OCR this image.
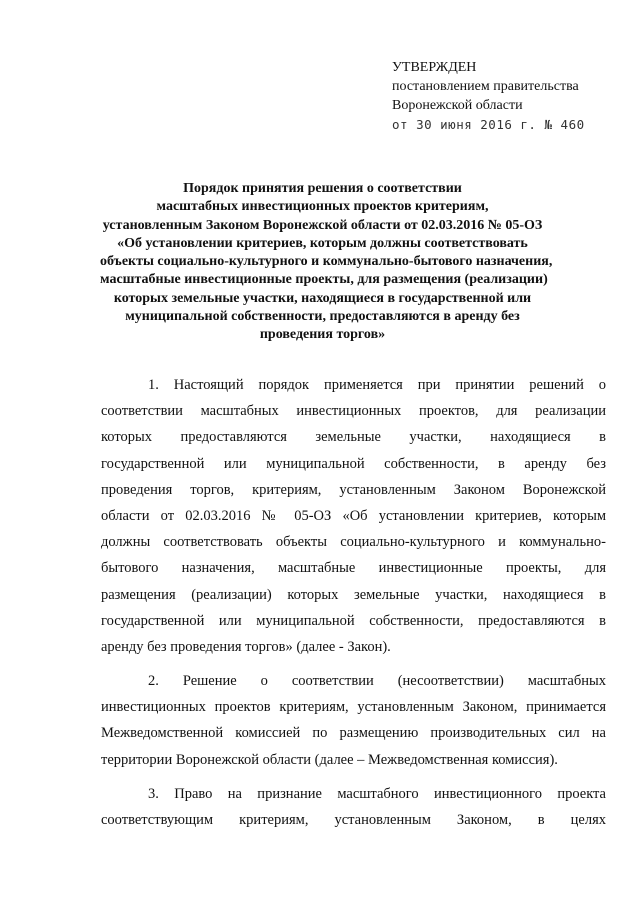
УТВЕРЖДЕН
постановлением правительства
Воронежской области
от 30 июня 2016 г. № 460
Порядок принятия решения о соответствии
масштабных инвестиционных проектов критериям,
установленным Законом Воронежской области от 02.03.2016 № 05-ОЗ
«Об установлении критериев, которым должны соответствовать
объекты социально-культурного и коммунально-бытового назначения,
масштабные инвестиционные проекты, для размещения (реализации)
которых земельные участки, находящиеся в государственной или
муниципальной собственности, предоставляются в аренду без
проведения торгов»
1. Настоящий порядок применяется при принятии решений о
соответствии масштабных инвестиционных проектов, для реализации
которых предоставляются земельные участки, находящиеся в
государственной или муниципальной собственности, в аренду без
проведения торгов, критериям, установленным Законом Воронежской
области от 02.03.2016 № 05-ОЗ «Об установлении критериев, которым
должны соответствовать объекты социально-культурного и коммунально-
бытового назначения, масштабные инвестиционные проекты, для
размещения (реализации) которых земельные участки, находящиеся в
государственной или муниципальной собственности, предоставляются в
аренду без проведения торгов» (далее - Закон).
2. Решение о соответствии (несоответствии) масштабных
инвестиционных проектов критериям, установленным Законом, принимается
Межведомственной комиссией по размещению производительных сил на
территории Воронежской области (далее – Межведомственная комиссия).
3. Право на признание масштабного инвестиционного проекта
соответствующим критериям, установленным Законом, в целях
